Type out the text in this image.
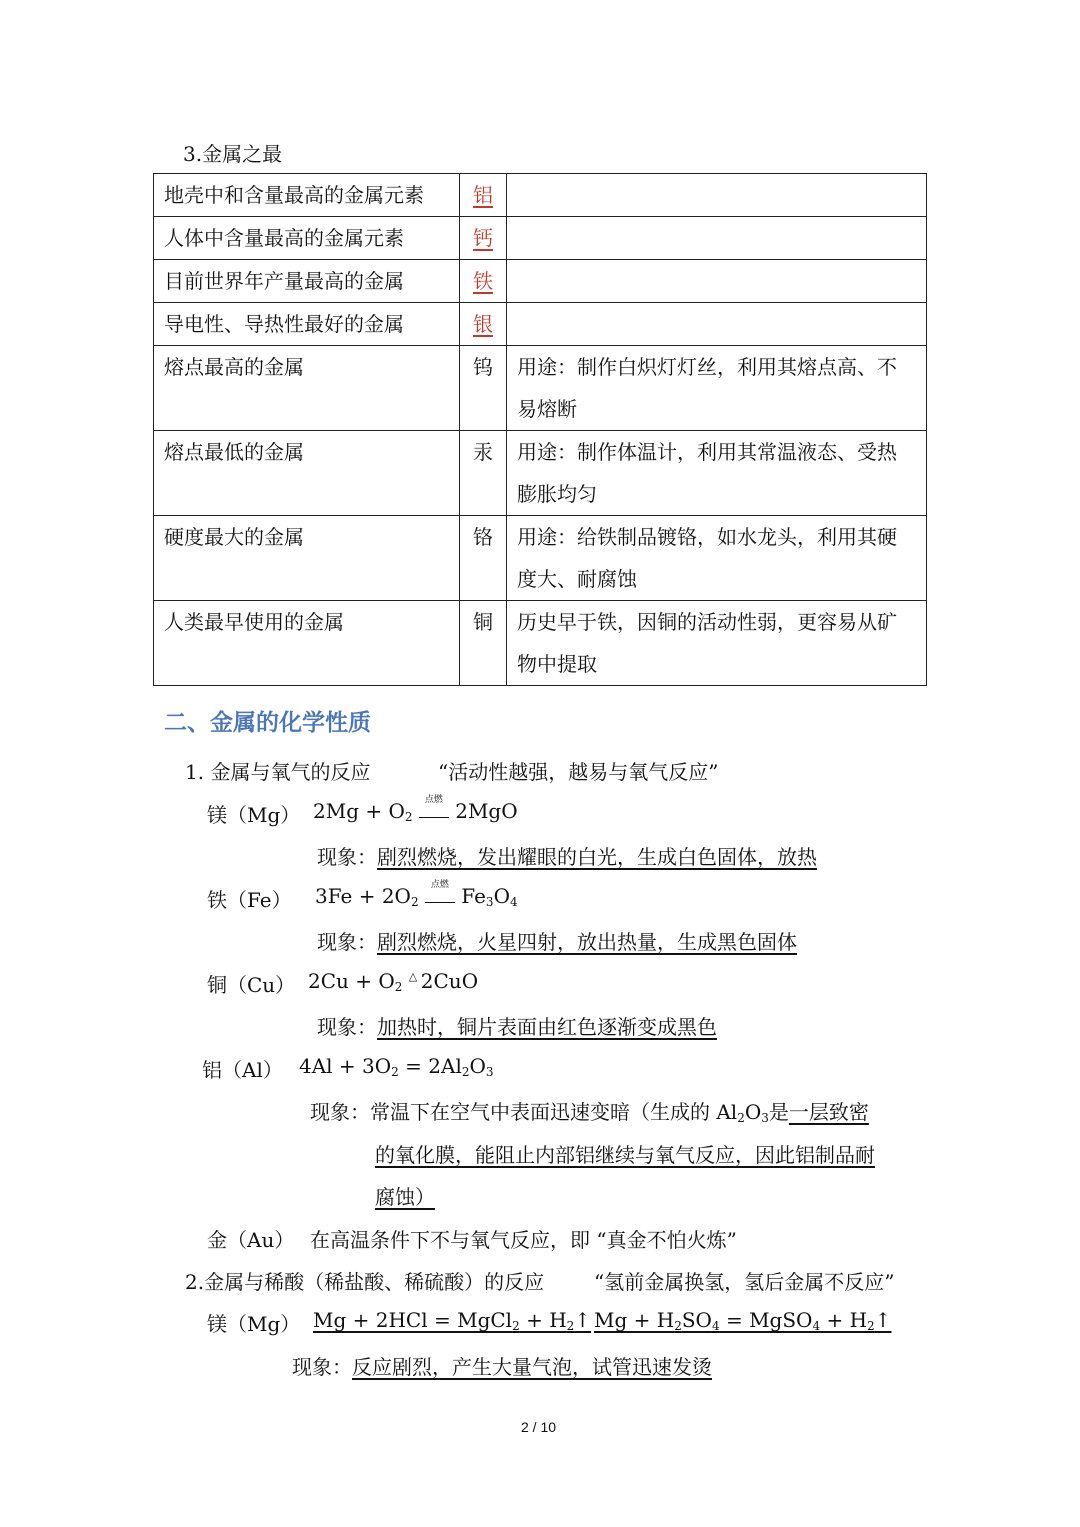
3.金属之最
地壳中和含量最高的金属元素	铝	
人体中含量最高的金属元素	钙	
目前世界年产量最高的金属	铁	
导电性、导热性最好的金属	银	
熔点最高的金属	钨	用途：制作白炽灯灯丝，利用其熔点高、不易熔断
熔点最低的金属	汞	用途：制作体温计，利用其常温液态、受热膨胀均匀
硬度最大的金属	铬	用途：给铁制品镀铬，如水龙头，利用其硬度大、耐腐蚀
人类最早使用的金属	铜	历史早于铁，因铜的活动性弱，更容易从矿物中提取
二、金属的化学性质
1. 金属与氧气的反应	“活动性越强，越易与氧气反应”
镁（Mg） $2Mg + O_2$
点燃 2MgO
现象：剧烈燃烧，发出耀眼的白光，生成白色固体，放热
铁（Fe） $3Fe + 2O_2$
点燃 $Fe_3O_4$
现象：剧烈燃烧，火星四射，放出热量，生成黑色固体
铜（Cu） $2Cu + O_2$
△ 2CuO
现象：加热时，铜片表面由红色逐渐变成黑色
铝（Al） $4Al + 3O_2 = 2Al_2O_3$
现象：常温下在空气中表面迅速变暗（生成的 $Al_2O_3$是一层致密
的氧化膜，能阻止内部铝继续与氧气反应，因此铝制品耐
腐蚀）
金（Au） 在高温条件下不与氧气反应，即 “真金不怕火炼”
2.金属与稀酸（稀盐酸、稀硫酸）的反应 “氢前金属换氢，氢后金属不反应”
镁（Mg） Mg + 2HCl = MgCl$_2$ + $H_2↑$ $Mg + H_2SO_4$ = MgSO$_4$ + $H_2↑$
现象：反应剧烈，产生大量气泡，试管迅速发烫
2 / 10
